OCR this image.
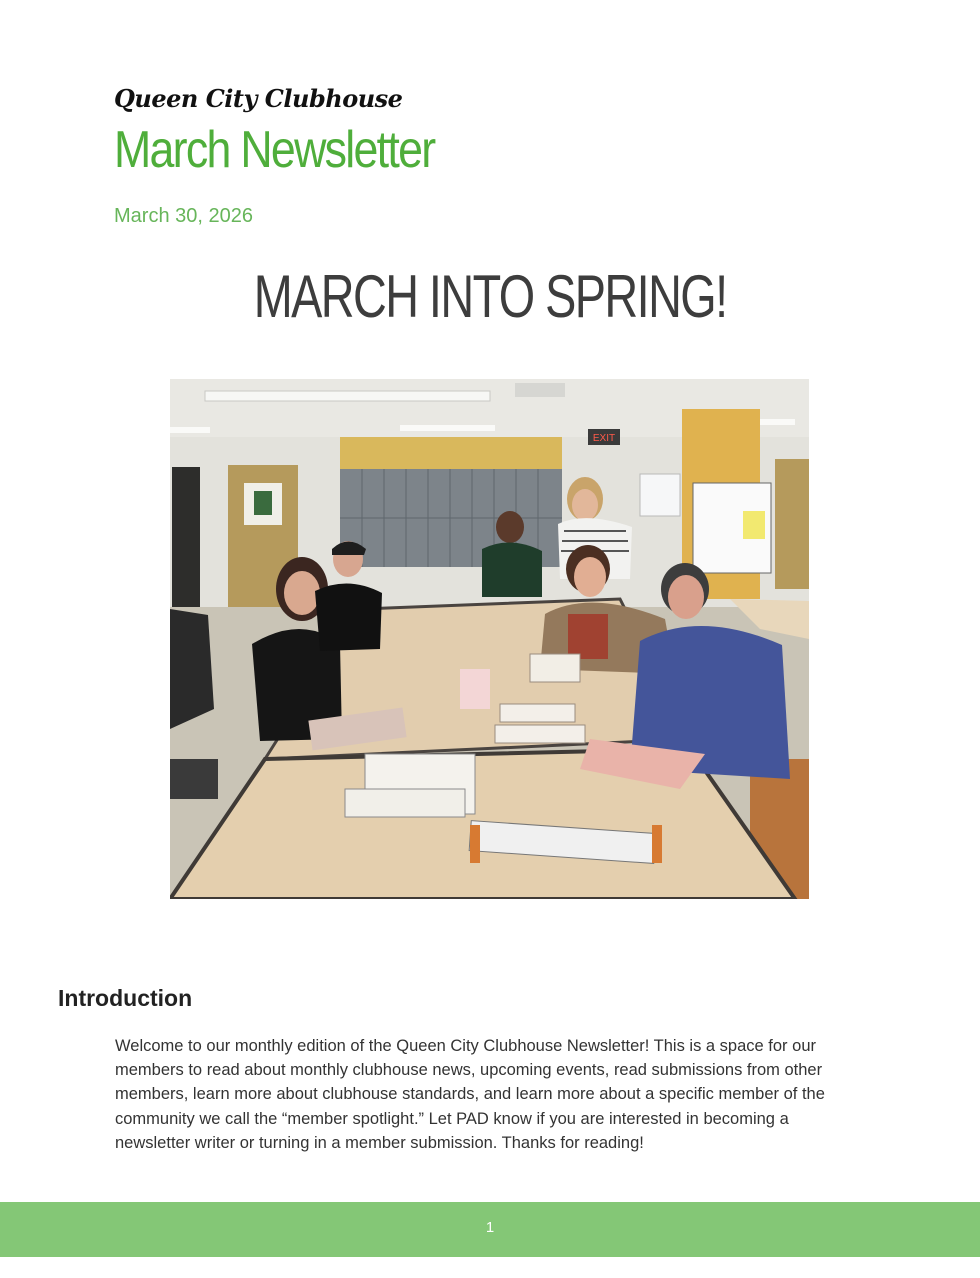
Queen City Clubhouse
March Newsletter
March 30, 2026
MARCH INTO SPRING!
EXIT
Introduction
Welcome to our monthly edition of the Queen City Clubhouse Newsletter! This is a space for our members to read about monthly clubhouse news, upcoming events, read submissions from other members, learn more about clubhouse standards, and learn more about a specific member of the community we call the “member spotlight.” Let PAD know if you are interested in becoming a newsletter writer or turning in a member submission. Thanks for reading!
1
